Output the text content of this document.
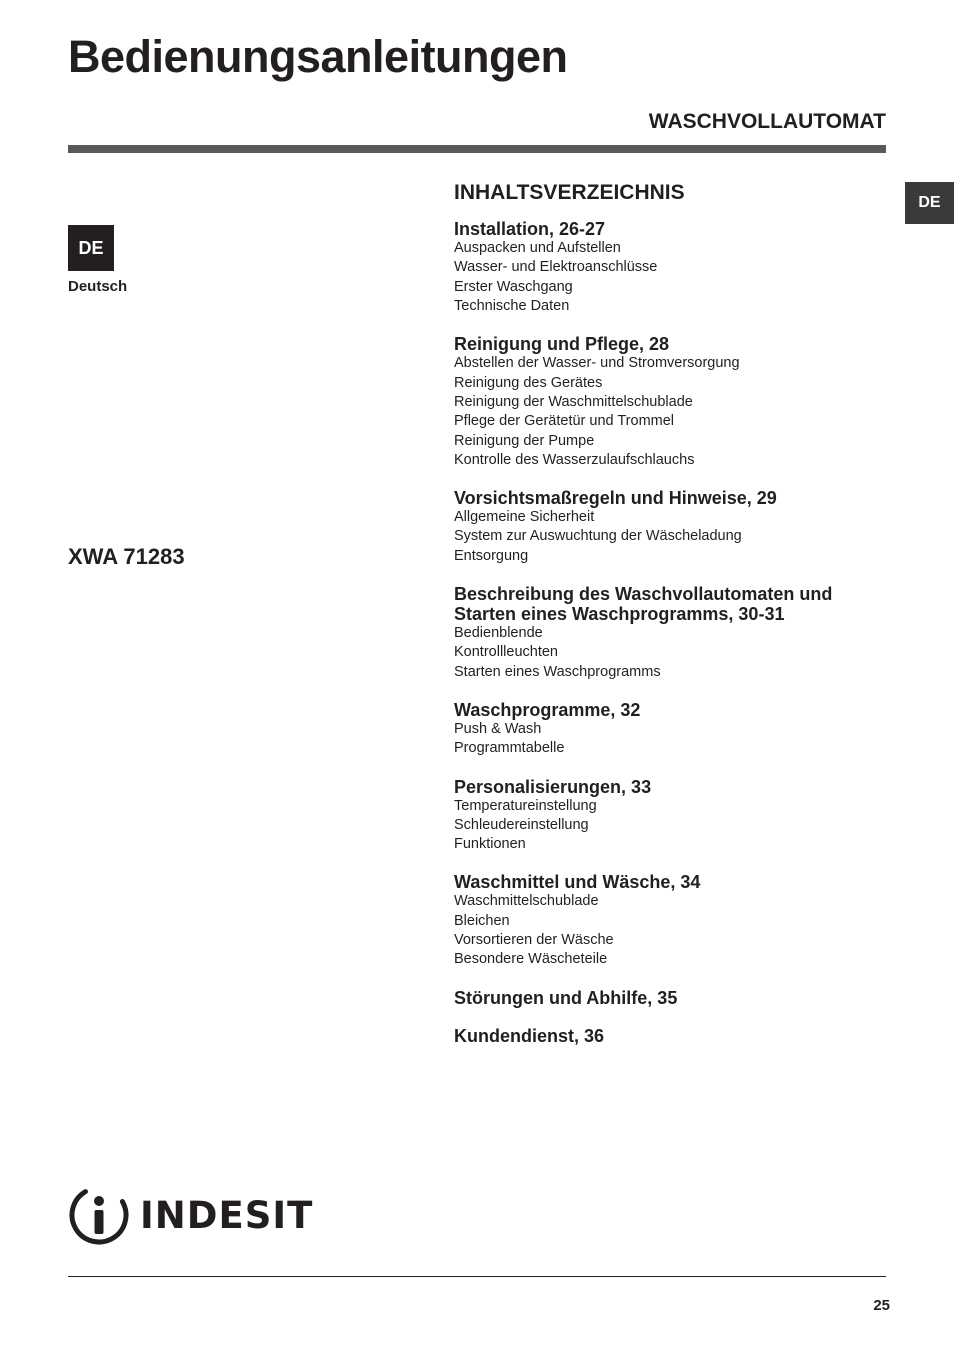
Bedienungsanleitungen
WASCHVOLLAUTOMAT
DE
DE
Deutsch
XWA 71283
INHALTSVERZEICHNIS
Installation, 26-27
Auspacken und Aufstellen
Wasser- und Elektroanschlüsse
Erster Waschgang
Technische Daten
Reinigung und Pflege, 28
Abstellen der Wasser- und Stromversorgung
Reinigung des Gerätes
Reinigung der Waschmittelschublade
Pflege der Gerätetür und Trommel
Reinigung der Pumpe
Kontrolle des Wasserzulaufschlauchs
Vorsichtsmaßregeln und Hinweise, 29
Allgemeine Sicherheit
System zur Auswuchtung der Wäscheladung
Entsorgung
Beschreibung des Waschvollautomaten und Starten eines Waschprogramms, 30-31
Bedienblende
Kontrollleuchten
Starten eines Waschprogramms
Waschprogramme, 32
Push & Wash
Programmtabelle
Personalisierungen, 33
Temperatureinstellung
Schleudereinstellung
Funktionen
Waschmittel und Wäsche, 34
Waschmittelschublade
Bleichen
Vorsortieren der Wäsche
Besondere Wäscheteile
Störungen und Abhilfe, 35
Kundendienst, 36
INDESIT
25
